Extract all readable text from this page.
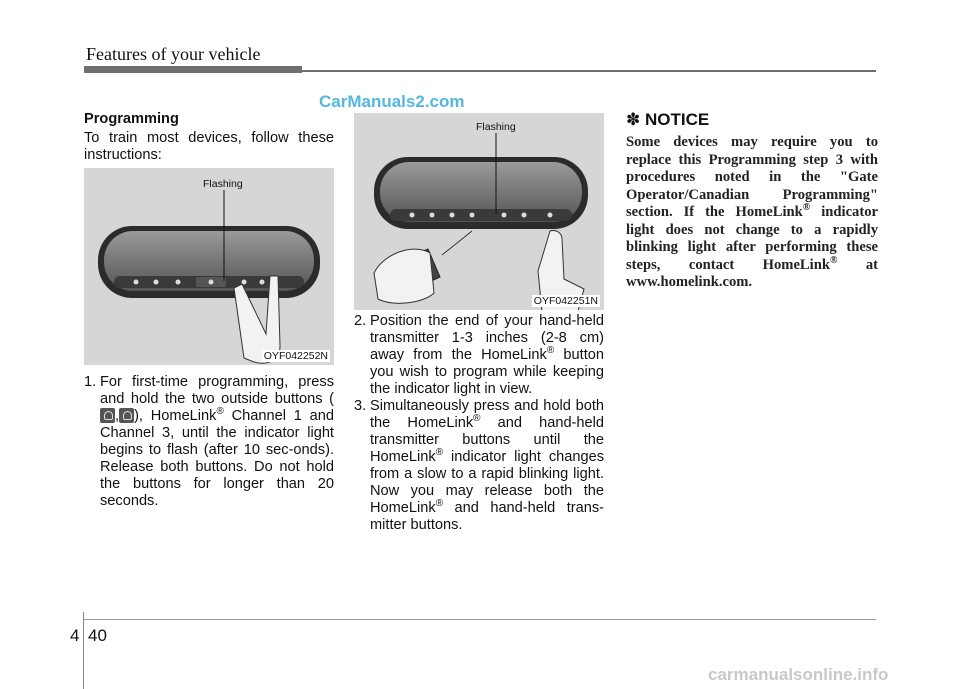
Features of your vehicle
CarManuals2.com

Programming

To train most devices, follow these instructions:

Flashing
OYF042252N

1. For first-time programming, press and hold the two outside buttons (, ), HomeLink® Channel 1 and Channel 3, until the indicator light begins to flash (after 10 sec-onds). Release both buttons. Do not hold the buttons for longer than 20 seconds.

Flashing
OYF042251N

2. Position the end of your hand-held transmitter 1-3 inches (2-8 cm) away from the HomeLink® button you wish to program while keeping the indicator light in view.

3. Simultaneously press and hold both the HomeLink® and hand-held transmitter buttons until the HomeLink® indicator light changes from a slow to a rapid blinking light. Now you may release both the HomeLink® and hand-held trans-mitter buttons.

✽ NOTICE

Some devices may require you to replace this Programming step 3 with procedures noted in the "Gate Operator/Canadian Programming" section. If the HomeLink® indicator light does not change to a rapidly blinking light after performing these steps, contact HomeLink® at www.homelink.com.

4 40
carmanualsonline.info
